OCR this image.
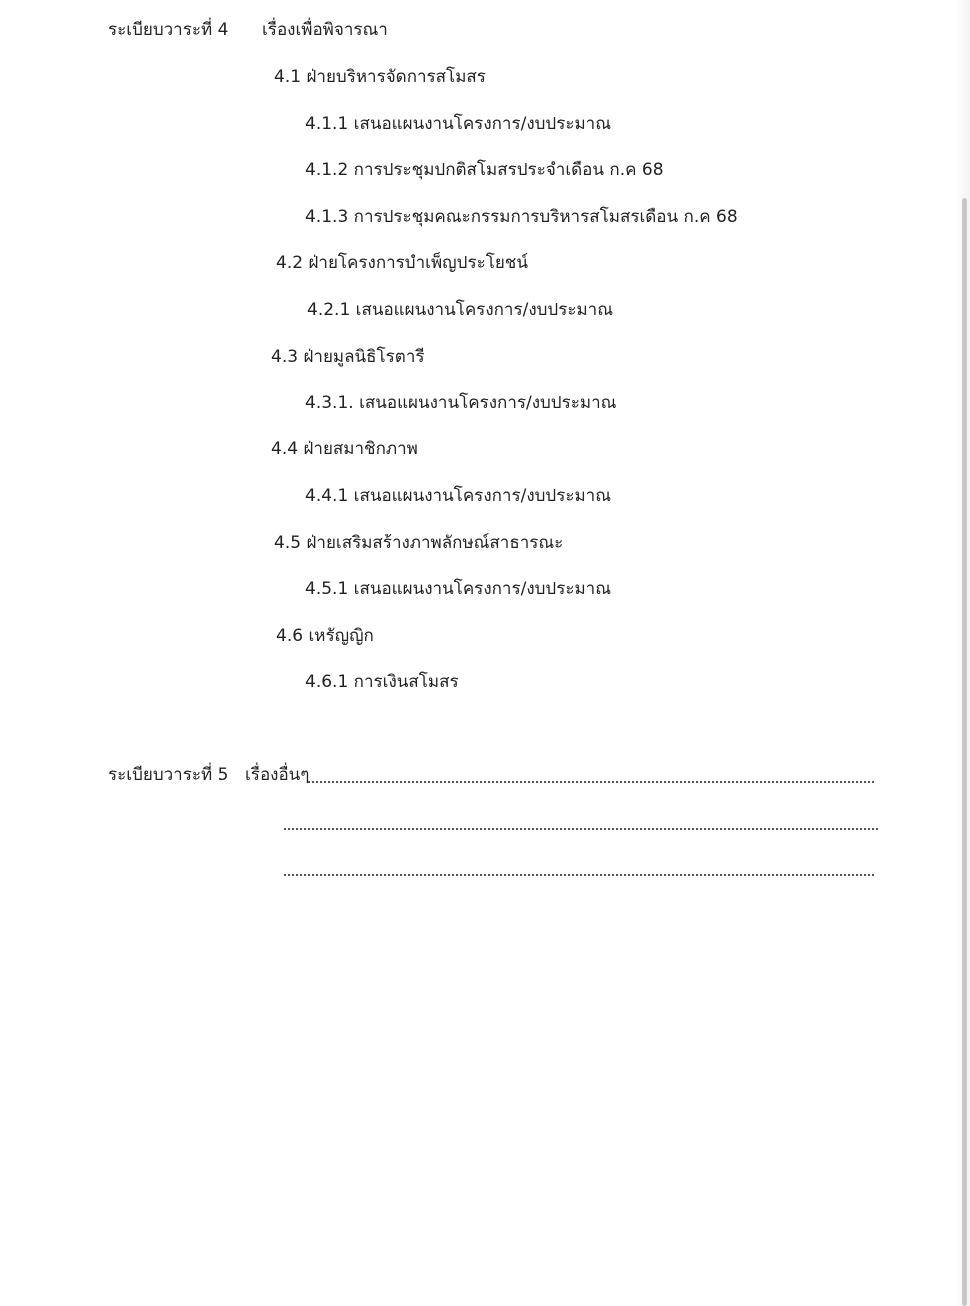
ระเบียบวาระที่ 4 เรื่องเพื่อพิจารณา
4.1 ฝ่ายบริหารจัดการสโมสร
4.1.1 เสนอแผนงานโครงการ/งบประมาณ
4.1.2 การประชุมปกติสโมสรประจำเดือน ก.ค 68
4.1.3 การประชุมคณะกรรมการบริหารสโมสรเดือน ก.ค 68
4.2 ฝ่ายโครงการบำเพ็ญประโยชน์
4.2.1 เสนอแผนงานโครงการ/งบประมาณ
4.3 ฝ่ายมูลนิธิโรตารี
4.3.1. เสนอแผนงานโครงการ/งบประมาณ
4.4 ฝ่ายสมาชิกภาพ
4.4.1 เสนอแผนงานโครงการ/งบประมาณ
4.5 ฝ่ายเสริมสร้างภาพลักษณ์สาธารณะ
4.5.1 เสนอแผนงานโครงการ/งบประมาณ
4.6 เหรัญญิก
4.6.1 การเงินสโมสร
ระเบียบวาระที่ 5 เรื่องอื่นๆ
